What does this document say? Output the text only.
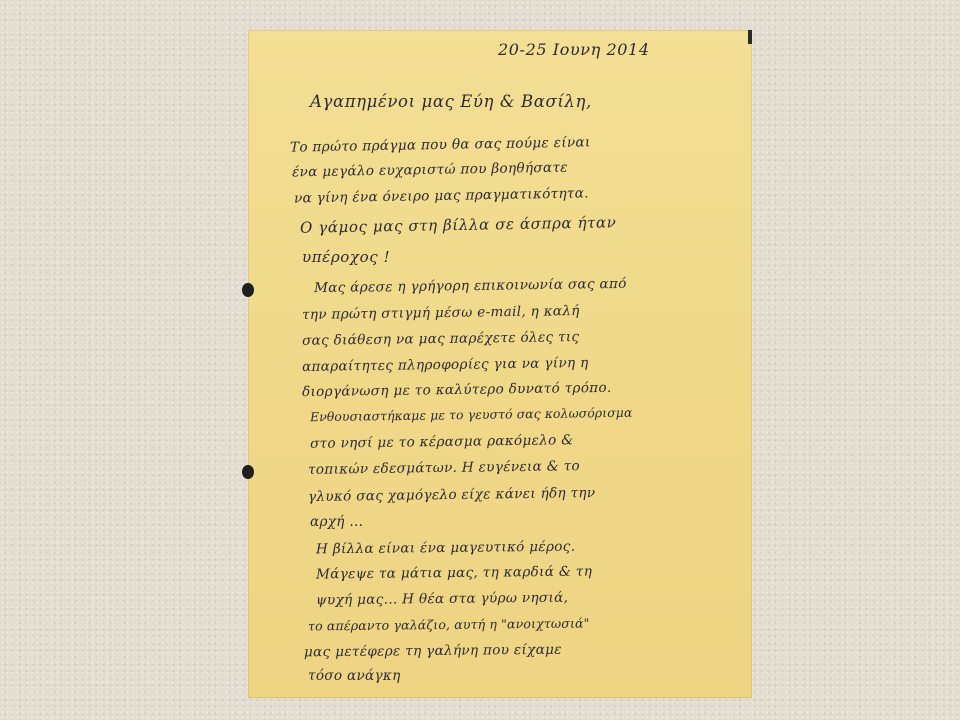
20-25 Ιουνη 2014
Αγαπημένοι μας Εύη & Βασίλη,
Το πρώτο πράγμα που θα σας πούμε είναι
ένα μεγάλο ευχαριστώ που βοηθήσατε
να γίνη ένα όνειρο μας πραγματικότητα.
Ο γάμος μας στη βίλλα σε άσπρα ήταν
υπέροχος !
Μας άρεσε η γρήγορη επικοινωνία σας από
την πρώτη στιγμή μέσω e-mail, η καλή
σας διάθεση να μας παρέχετε όλες τις
απαραίτητες πληροφορίες για να γίνη η
διοργάνωση με το καλύτερο δυνατό τρόπο.
Ενθουσιαστήκαμε με το γευστό σας κολωσόρισμα
στο νησί με το κέρασμα ρακόμελο &
τοπικών εδεσμάτων. Η ευγένεια & το
γλυκό σας χαμόγελο είχε κάνει ήδη την
αρχή ...
Η βίλλα είναι ένα μαγευτικό μέρος.
Μάγεψε τα μάτια μας, τη καρδιά & τη
ψυχή μας... Η θέα στα γύρω νησιά,
το απέραντο γαλάζιο, αυτή η "ανοιχτωσιά"
μας μετέφερε τη γαλήνη που είχαμε
τόσο ανάγκη
